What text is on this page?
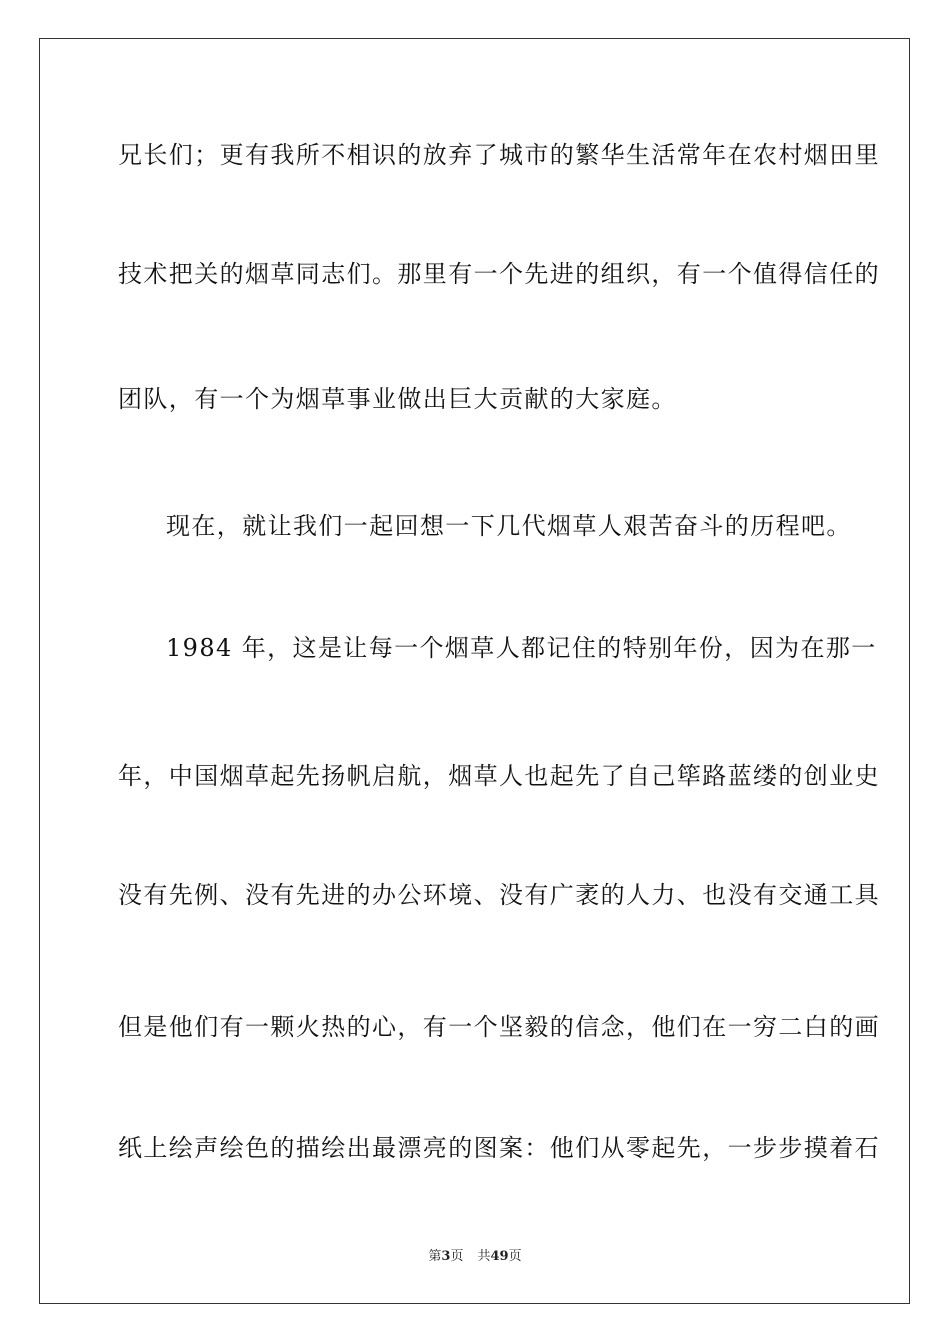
兄长们；更有我所不相识的放弃了城市的繁华生活常年在农村烟田里
技术把关的烟草同志们。那里有一个先进的组织，有一个值得信任的
团队，有一个为烟草事业做出巨大贡献的大家庭。
现在，就让我们一起回想一下几代烟草人艰苦奋斗的历程吧。
1984 年，这是让每一个烟草人都记住的特别年份，因为在那一
年，中国烟草起先扬帆启航，烟草人也起先了自己筚路蓝缕的创业史
没有先例、没有先进的办公环境、没有广袤的人力、也没有交通工具
但是他们有一颗火热的心，有一个坚毅的信念，他们在一穷二白的画
纸上绘声绘色的描绘出最漂亮的图案：他们从零起先，一步步摸着石
第3页 共49页
